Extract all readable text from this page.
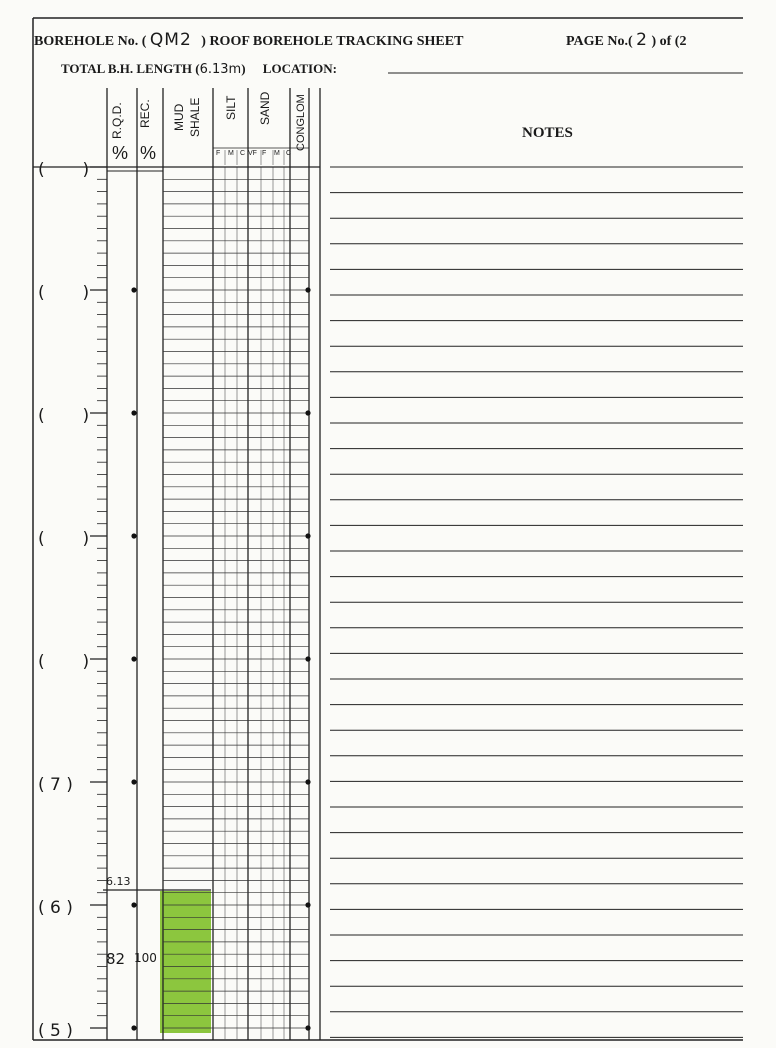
BOREHOLE No. ( QM2 ) ROOF BOREHOLE TRACKING SHEET	PAGE No.( 2 ) of (2
TOTAL B.H. LENGTH (6.13m) LOCATION:
R.Q.D. REC. MUD SHALE SILT SAND CONGLOM
% %	F M C VF F M C
NOTES
(       )
(       )
(       )
(       )
(       )
( 7 )
( 6 )
( 5 )
6.13
82 100
